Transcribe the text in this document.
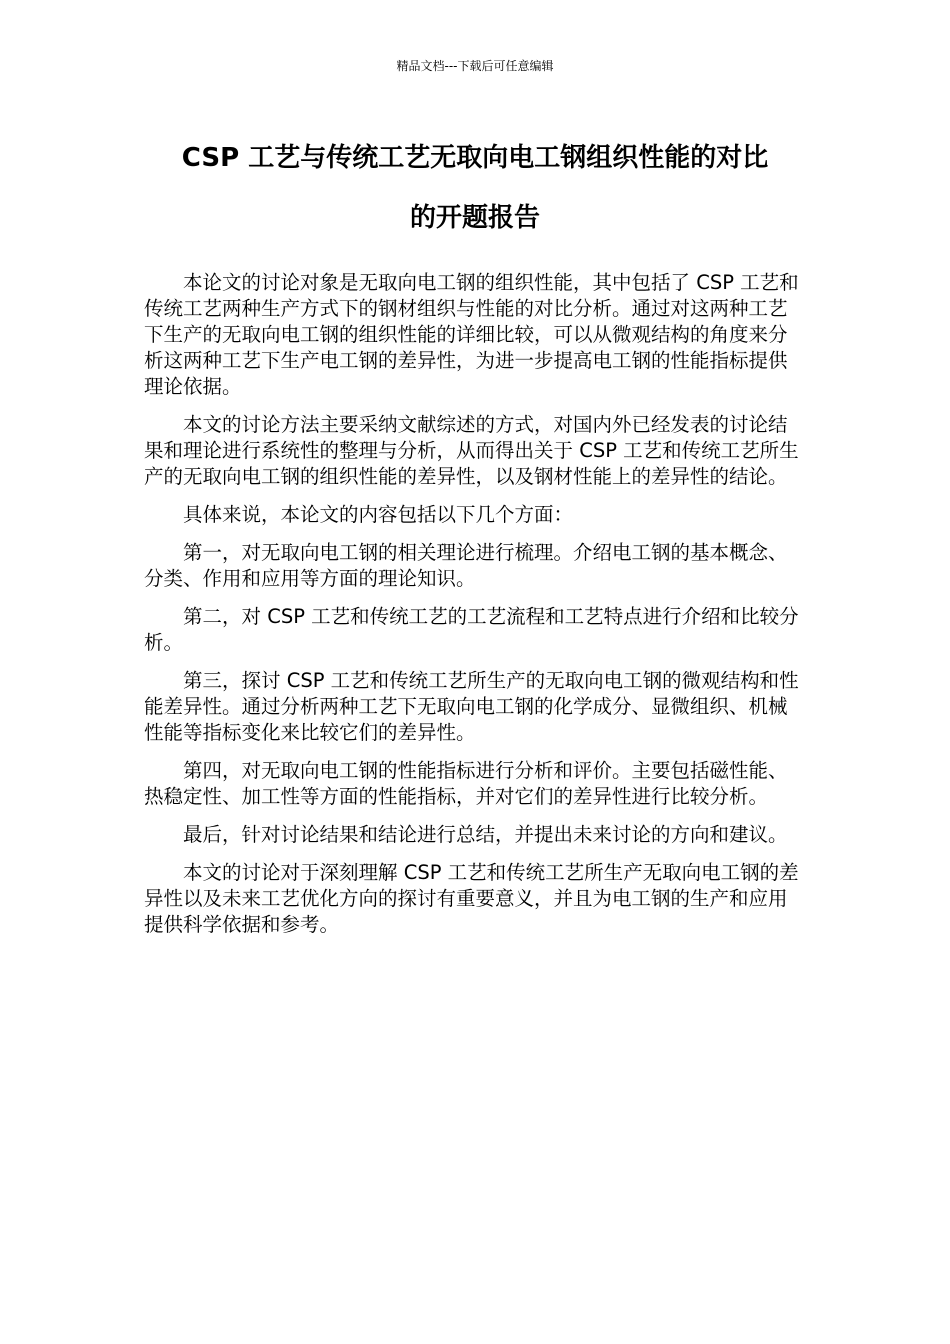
精品文档---下载后可任意编辑
CSP 工艺与传统工艺无取向电工钢组织性能的对比
的开题报告

本论文的讨论对象是无取向电工钢的组织性能，其中包括了 CSP 工艺和传统工艺两种生产方式下的钢材组织与性能的对比分析。通过对这两种工艺下生产的无取向电工钢的组织性能的详细比较，可以从微观结构的角度来分析这两种工艺下生产电工钢的差异性，为进一步提高电工钢的性能指标提供理论依据。

本文的讨论方法主要采纳文献综述的方式，对国内外已经发表的讨论结果和理论进行系统性的整理与分析，从而得出关于 CSP 工艺和传统工艺所生产的无取向电工钢的组织性能的差异性，以及钢材性能上的差异性的结论。

具体来说，本论文的内容包括以下几个方面：

第一，对无取向电工钢的相关理论进行梳理。介绍电工钢的基本概念、分类、作用和应用等方面的理论知识。

第二，对 CSP 工艺和传统工艺的工艺流程和工艺特点进行介绍和比较分析。

第三，探讨 CSP 工艺和传统工艺所生产的无取向电工钢的微观结构和性能差异性。通过分析两种工艺下无取向电工钢的化学成分、显微组织、机械性能等指标变化来比较它们的差异性。

第四，对无取向电工钢的性能指标进行分析和评价。主要包括磁性能、热稳定性、加工性等方面的性能指标，并对它们的差异性进行比较分析。

最后，针对讨论结果和结论进行总结，并提出未来讨论的方向和建议。

本文的讨论对于深刻理解 CSP 工艺和传统工艺所生产无取向电工钢的差异性以及未来工艺优化方向的探讨有重要意义，并且为电工钢的生产和应用提供科学依据和参考。
